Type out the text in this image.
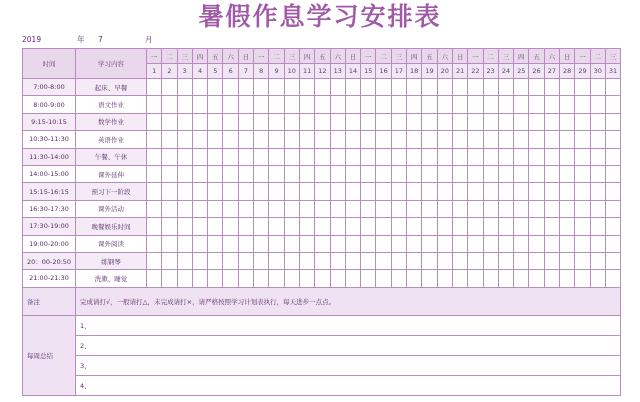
暑假作息学习安排表
2019	年 7	月
时间	学习内容	一	二	三	四	五	六	日	一	二	三	四	五	六	日	一	二	三	四	五	六	日	一	二	三	四	五	六	日	一	二	三
		1	2	3	4	5	6	7	8	9	10	11	12	13	14	15	16	17	18	19	20	21	22	23	24	25	26	27	28	29	30	31
7:00-8:00	起床、早餐																															
8:00-9:00	语文作业																															
9:15-10:15	数学作业																															
10:30-11:30	英语作业																															
11:30-14:00	午餐、午休																															
14:00-15:00	课外延伸																															
15:15-16:15	预习下一阶段																															
16:30-17:30	课外活动																															
17:30-19:00	晚餐娱乐时间																															
19:00-20:00	课外阅读																															
20：00-20:50	练钢琴																															
21:00-21:30	洗漱、睡觉																															
备注	完成请打√，一般请打△，未完成请打×，请严格按照学习计划表执行，每天进步一点点。																															
每周总结	1、																															
	2、																															
	3、																															
	4、																															
